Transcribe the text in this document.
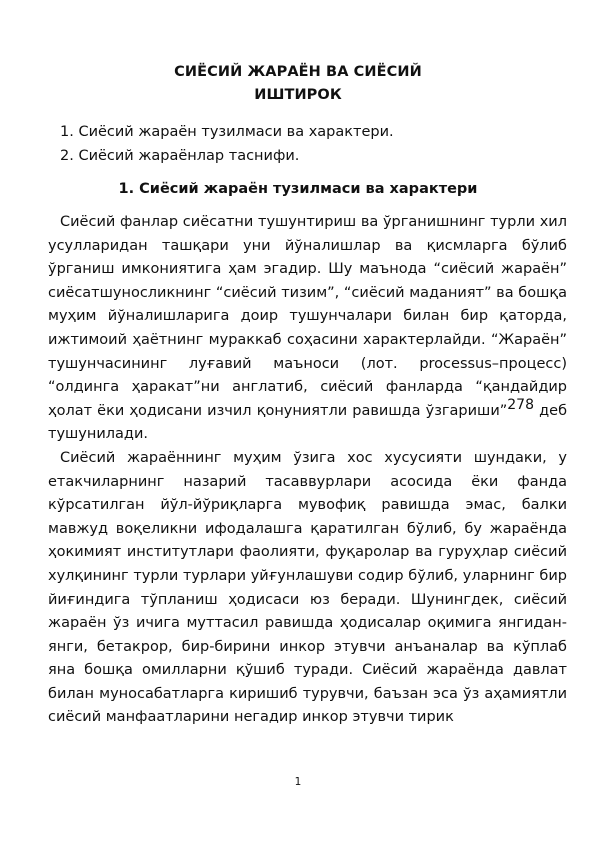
СИЁСИЙ ЖАРАЁН ВА СИЁСИЙ
ИШТИРОК
1. Сиёсий жараён тузилмаси ва характери.
2. Сиёсий жараёнлар таснифи.
1. Сиёсий жараён тузилмаси ва характери

Сиёсий фанлар сиёсатни тушунтириш ва ўрганишнинг турли хил усулларидан ташқари уни йўналишлар ва қисмларга бўлиб ўрганиш имкониятига ҳам эгадир. Шу маънода “сиёсий жараён” сиёсатшуносликнинг “сиёсий тизим”, “сиёсий маданият” ва бошқа муҳим йўналишларига доир тушунчалари билан бир қаторда, ижтимоий ҳаётнинг мураккаб соҳасини характерлайди. “Жараён” тушунчасининг луғавий маъноси (лот. processus–процесс) “олдинга ҳаракат”ни англатиб, сиёсий фанларда “қандайдир ҳолат ёки ҳодисани изчил қонуниятли равишда ўзгариши”278 деб тушунилади.

Сиёсий жараённинг муҳим ўзига хос хусусияти шундаки, у етакчиларнинг назарий тасаввурлари асосида ёки фанда кўрсатилган йўл-йўриқларга мувофиқ равишда эмас, балки мавжуд воқеликни ифодалашга қаратилган бўлиб, бу жараёнда ҳокимият институтлари фаолияти, фуқаролар ва гуруҳлар сиёсий хулқининг турли турлари уйғунлашуви содир бўлиб, уларнинг бир йиғиндига тўпланиш ҳодисаси юз беради. Шунингдек, сиёсий жараён ўз ичига муттасил равишда ҳодисалар оқимига янгидан-янги, бетакрор, бир-бирини инкор этувчи анъаналар ва кўплаб яна бошқа омилларни қўшиб туради. Сиёсий жараёнда давлат билан муносабатларга киришиб турувчи, баъзан эса ўз аҳамиятли сиёсий манфаатларини негадир инкор этувчи тирик

1
